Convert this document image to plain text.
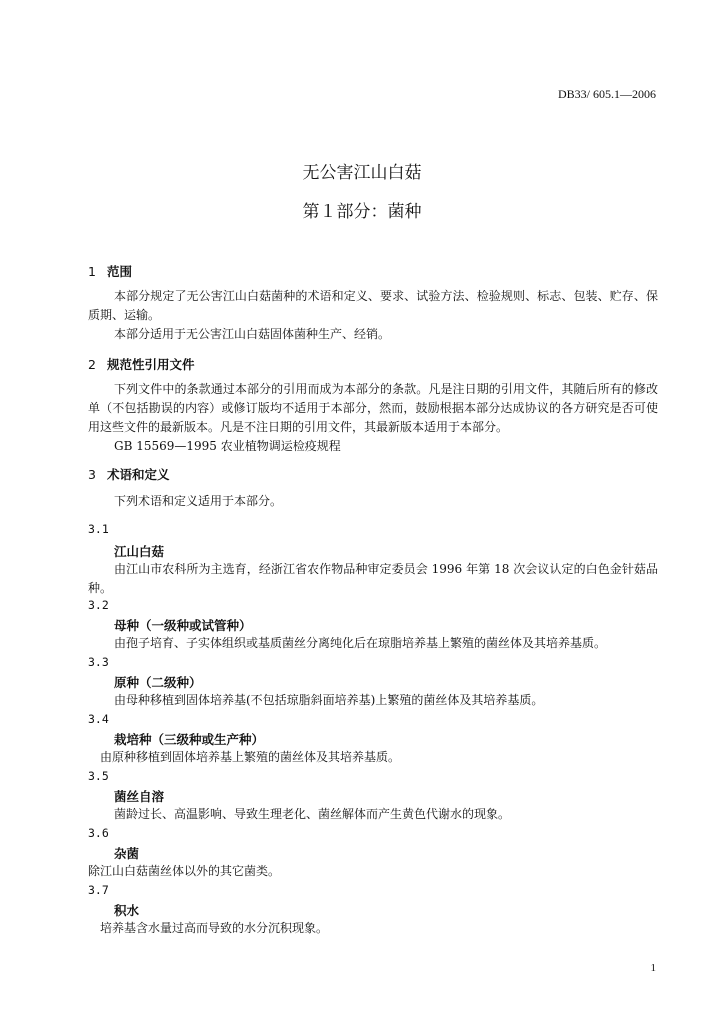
DB33/ 605.1—2006
无公害江山白菇
第１部分：菌种
1 范围
本部分规定了无公害江山白菇菌种的术语和定义、要求、试验方法、检验规则、标志、包装、贮存、保质期、运输。
本部分适用于无公害江山白菇固体菌种生产、经销。
2 规范性引用文件
下列文件中的条款通过本部分的引用而成为本部分的条款。凡是注日期的引用文件，其随后所有的修改单（不包括勘误的内容）或修订版均不适用于本部分，然而，鼓励根据本部分达成协议的各方研究是否可使用这些文件的最新版本。凡是不注日期的引用文件，其最新版本适用于本部分。
GB 15569—1995 农业植物调运检疫规程
3 术语和定义
下列术语和定义适用于本部分。
3.1
江山白菇
由江山市农科所为主选育，经浙江省农作物品种审定委员会 1996 年第 18 次会议认定的白色金针菇品种。
3.2
母种（一级种或试管种）
由孢子培育、子实体组织或基质菌丝分离纯化后在琼脂培养基上繁殖的菌丝体及其培养基质。
3.3
原种（二级种）
由母种移植到固体培养基(不包括琼脂斜面培养基)上繁殖的菌丝体及其培养基质。
3.4
栽培种（三级种或生产种）
由原种移植到固体培养基上繁殖的菌丝体及其培养基质。
3.5
菌丝自溶
菌龄过长、高温影响、导致生理老化、菌丝解体而产生黄色代谢水的现象。
3.6
杂菌
除江山白菇菌丝体以外的其它菌类。
3.7
积水
培养基含水量过高而导致的水分沉积现象。
1
